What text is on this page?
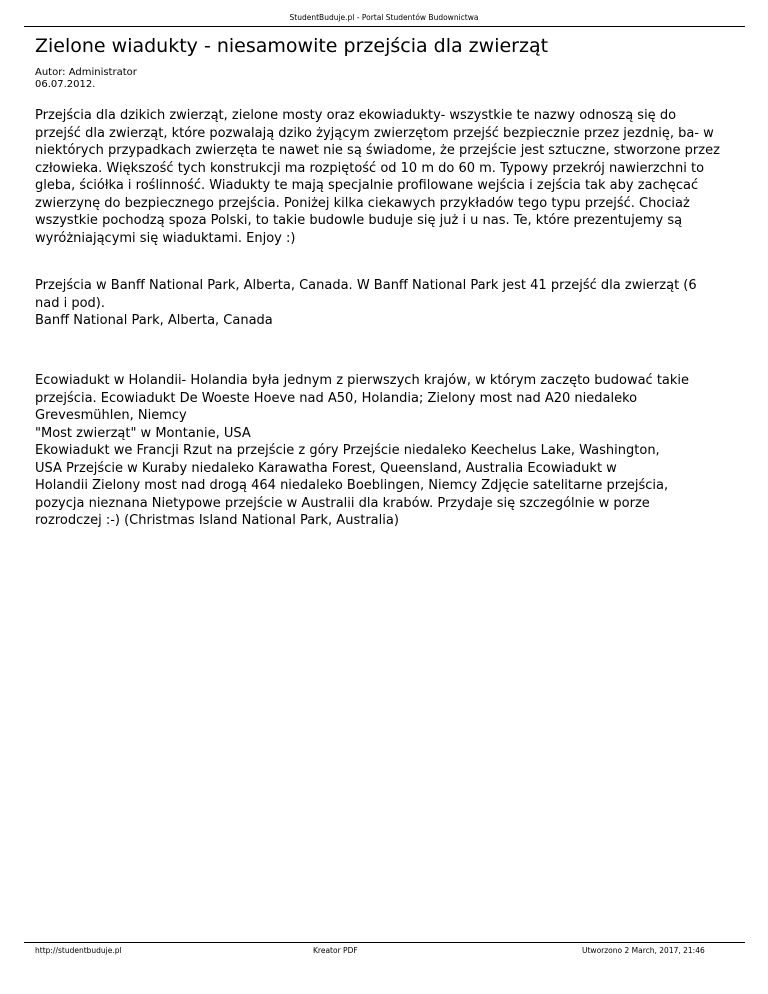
StudentBuduje.pl - Portal Studentów Budownictwa
Zielone wiadukty - niesamowite przejścia dla zwierząt
Autor: Administrator
06.07.2012.

Przejścia dla dzikich zwierząt, zielone mosty oraz ekowiadukty- wszystkie te nazwy odnoszą się do
przejść dla zwierząt, które pozwalają dziko żyjącym zwierzętom przejść bezpiecznie przez jezdnię, ba- w
niektórych przypadkach zwierzęta te nawet nie są świadome, że przejście jest sztuczne, stworzone przez
człowieka. Większość tych konstrukcji ma rozpiętość od 10 m do 60 m. Typowy przekrój nawierzchni to
gleba, ściółka i roślinność. Wiadukty te mają specjalnie profilowane wejścia i zejścia tak aby zachęcać
zwierzynę do bezpiecznego przejścia. Poniżej kilka ciekawych przykładów tego typu przejść. Chociaż
wszystkie pochodzą spoza Polski, to takie budowle buduje się już i u nas. Te, które prezentujemy są
wyróżniającymi się wiaduktami. Enjoy :)

Przejścia w Banff National Park, Alberta, Canada. W Banff National Park jest 41 przejść dla zwierząt (6
nad i pod).
Banff National Park, Alberta, Canada

Ecowiadukt w Holandii- Holandia była jednym z pierwszych krajów, w którym zaczęto budować takie
przejścia. Ecowiadukt De Woeste Hoeve nad A50, Holandia; Zielony most nad A20 niedaleko
Grevesmühlen, Niemcy
"Most zwierząt" w Montanie, USA
Ekowiadukt we Francji Rzut na przejście z góry Przejście niedaleko Keechelus Lake, Washington,
USA Przejście w Kuraby niedaleko Karawatha Forest, Queensland, Australia Ecowiadukt w
Holandii Zielony most nad drogą 464 niedaleko Boeblingen, Niemcy Zdjęcie satelitarne przejścia,
pozycja nieznana Nietypowe przejście w Australii dla krabów. Przydaje się szczególnie w porze
rozrodczej :-) (Christmas Island National Park, Australia)

http://studentbuduje.pl	Kreator PDF	Utworzono 2 March, 2017, 21:46
